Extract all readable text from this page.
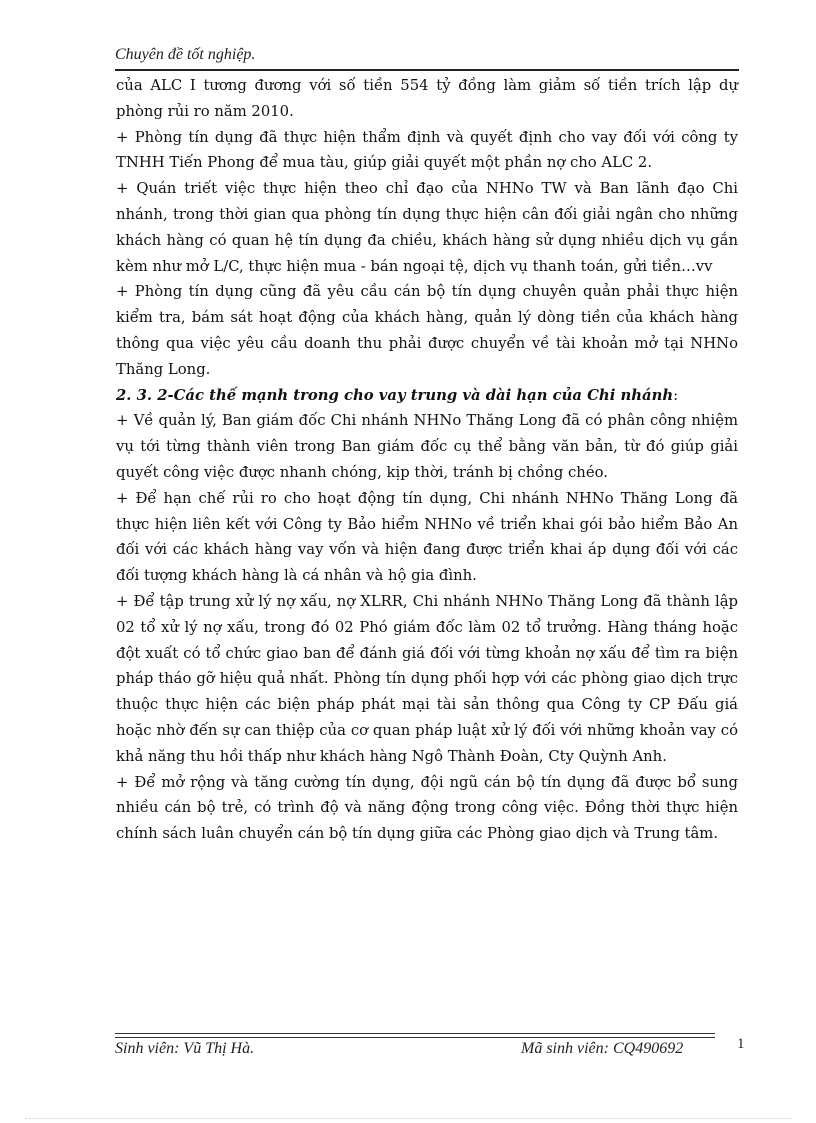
Chuyên đề tốt nghiệp.

của ALC I tương đương với số tiền 554 tỷ đồng làm giảm số tiền trích lập dự phòng rủi ro năm 2010.

+ Phòng tín dụng đã thực hiện thẩm định và quyết định cho vay đối với công ty TNHH Tiến Phong để mua tàu, giúp giải quyết một phần nợ cho ALC 2.

+ Quán triết việc thực hiện theo chỉ đạo của NHNo TW và Ban lãnh đạo Chi nhánh, trong thời gian qua phòng tín dụng thực hiện cân đối giải ngân cho những khách hàng có quan hệ tín dụng đa chiều, khách hàng sử dụng nhiều dịch vụ gắn kèm như mở L/C, thực hiện mua - bán ngoại tệ, dịch vụ thanh toán, gửi tiền…vv

+ Phòng tín dụng cũng đã yêu cầu cán bộ tín dụng chuyên quản phải thực hiện kiểm tra, bám sát hoạt động của khách hàng, quản lý dòng tiền của khách hàng thông qua việc yêu cầu doanh thu phải được chuyển về tài khoản mở tại NHNo Thăng Long.

2. 3. 2-Các thế mạnh trong cho vay trung và dài hạn của Chi nhánh:

+ Về quản lý, Ban giám đốc Chi nhánh NHNo Thăng Long đã có phân công nhiệm vụ tới từng thành viên trong Ban giám đốc cụ thể bằng văn bản, từ đó giúp giải quyết công việc được nhanh chóng, kịp thời, tránh bị chồng chéo.

+ Để hạn chế rủi ro cho hoạt động tín dụng, Chi nhánh NHNo Thăng Long đã thực hiện liên kết với Công ty Bảo hiểm NHNo về triển khai gói bảo hiểm Bảo An đối với các khách hàng vay vốn và hiện đang được triển khai áp dụng đối với các đối tượng khách hàng là cá nhân và hộ gia đình.

+ Để tập trung xử lý nợ xấu, nợ XLRR, Chi nhánh NHNo Thăng Long đã thành lập 02 tổ xử lý nợ xấu, trong đó 02 Phó giám đốc làm 02 tổ trưởng. Hàng tháng hoặc đột xuất có tổ chức giao ban để đánh giá đối với từng khoản nợ xấu để tìm ra biện pháp tháo gỡ hiệu quả nhất. Phòng tín dụng phối hợp với các phòng giao dịch trực thuộc thực hiện các biện pháp phát mại tài sản thông qua Công ty CP Đấu giá hoặc nhờ đến sự can thiệp của cơ quan pháp luật xử lý đối với những khoản vay có khả năng thu hồi thấp như khách hàng Ngô Thành Đoàn, Cty Quỳnh Anh.

+ Để mở rộng và tăng cường tín dụng, đội ngũ cán bộ tín dụng đã được bổ sung nhiều cán bộ trẻ, có trình độ và năng động trong công việc. Đồng thời thực hiện chính sách luân chuyển cán bộ tín dụng giữa các Phòng giao dịch và Trung tâm.

Sinh viên: Vũ Thị Hà.	Mã sinh viên: CQ490692	1
